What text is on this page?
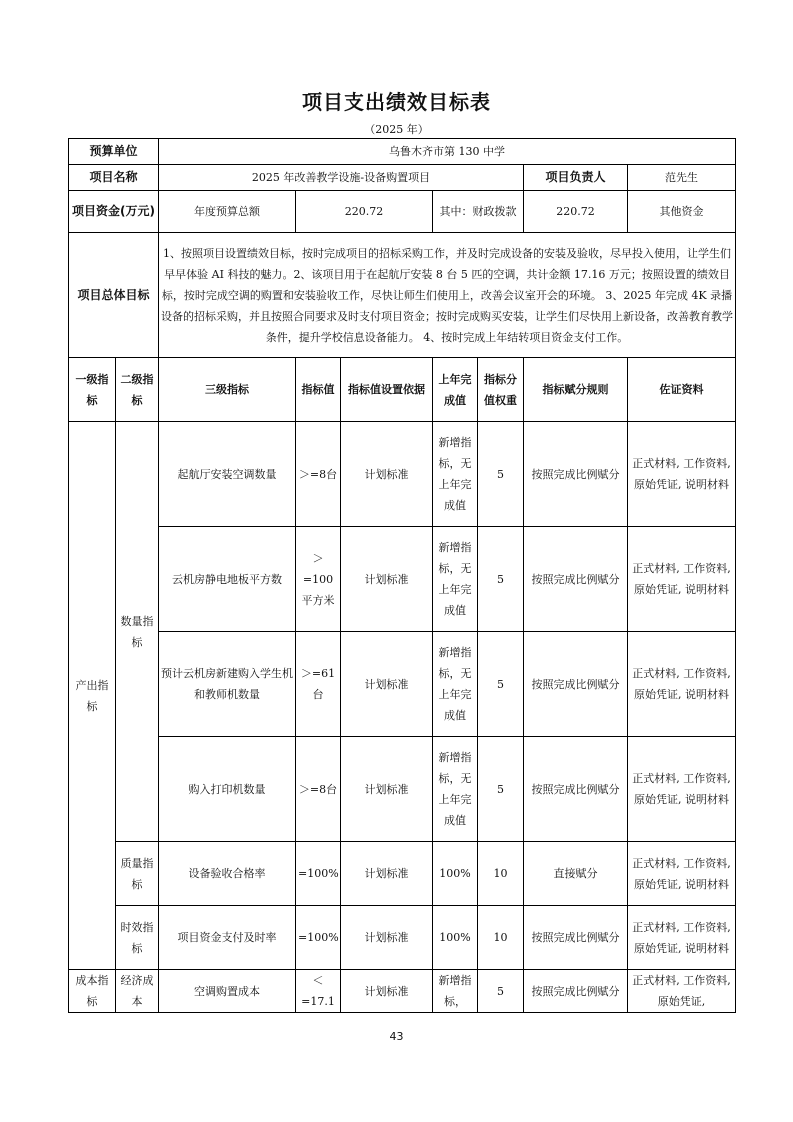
项目支出绩效目标表
（2025 年）
预算单位		乌鲁木齐市第 130 中学							
项目名称		2025 年改善教学设施-设备购置项目					项目负责人	范先生	
项目资金(万元)		年度预算总额	220.72		其中：财政拨款		220.72	其他资金	
项目总体目标		1、按照项目设置绩效目标，按时完成项目的招标采购工作，并及时完成设备的安装及验收，尽早投入使用，让学生们早早体验 AI 科技的魅力。2、该项目用于在起航厅安装 8 台 5 匹的空调，共计金额 17.16 万元；按照设置的绩效目标，按时完成空调的购置和安装验收工作，尽快让师生们使用上，改善会议室开会的环境。 3、2025 年完成 4K 录播设备的招标采购，并且按照合同要求及时支付项目资金；按时完成购买安装，让学生们尽快用上新设备，改善教育教学条件，提升学校信息设备能力。 4、按时完成上年结转项目资金支付工作。							
一级指标	二级指标	三级指标	指标值	指标值设置依据	上年完成值	指标分值权重	指标赋分规则	佐证资料	
产出指标	数量指标	起航厅安装空调数量	＞=8台	计划标准	新增指标，无上年完成值	5	按照完成比例赋分	正式材料, 工作资料, 原始凭证, 说明材料	
		云机房静电地板平方数	＞=100平方米	计划标准	新增指标，无上年完成值	5	按照完成比例赋分	正式材料, 工作资料, 原始凭证, 说明材料	
		预计云机房新建购入学生机和教师机数量	＞=61台	计划标准	新增指标，无上年完成值	5	按照完成比例赋分	正式材料, 工作资料, 原始凭证, 说明材料	
		购入打印机数量	＞=8台	计划标准	新增指标，无上年完成值	5	按照完成比例赋分	正式材料, 工作资料, 原始凭证, 说明材料	
	质量指标	设备验收合格率	=100%	计划标准	100%	10	直接赋分	正式材料, 工作资料, 原始凭证, 说明材料	
	时效指标	项目资金支付及时率	=100%	计划标准	100%	10	按照完成比例赋分	正式材料, 工作资料, 原始凭证, 说明材料	
成本指标	经济成本	空调购置成本	＜=17.1	计划标准	新增指标，	5	按照完成比例赋分	正式材料, 工作资料, 原始凭证,	
43
